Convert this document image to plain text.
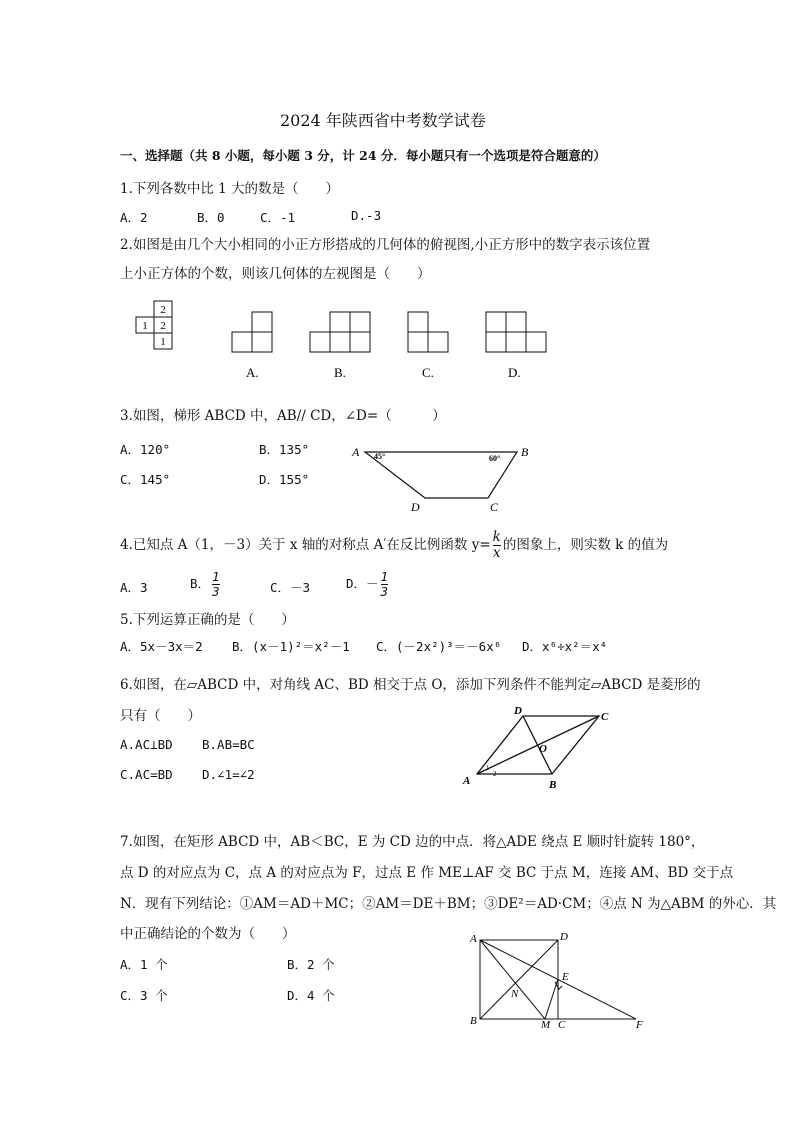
2024 年陕西省中考数学试卷
一、选择题（共 8 小题，每小题 3 分，计 24 分．每小题只有一个选项是符合题意的）
1.下列各数中比 1 大的数是（　　）
A．2	B．0	C．-1	D.-3
2.如图是由几个大小相同的小正方形搭成的几何体的俯视图,小正方形中的数字表示该位置
上小正方体的个数，则该几何体的左视图是（　　）
2
1 2
1
A.	B.	C.	D.
3.如图，梯形 ABCD 中，AB// CD，∠D=（　　　）
A．120°	B．135°
C．145°	D．155°
A	B
C
D
45°	60°
4.已知点 A（1，－3）关于 x 轴的对称点 A′在反比例函数 $y= \frac{k}{x}$ 的图象上，则实数 k 的值为
A．3	B． $\frac{1}{3}$	C．－3	D．－ $\frac{1}{3}$
5.下列运算正确的是（　　）
A．5x－3x＝2 B．(x－1)²＝x²－1 C．(－2x²)³＝－6x⁶ D．x⁶÷x²＝x⁴
6.如图，在▱ABCD 中，对角线 AC、BD 相交于点 O，添加下列条件不能判定▱ABCD 是菱形的
只有（　　）
A.AC⊥BD B.AB=BC
C.AC=BD D.∠1=∠2	A	B
C
D
O
1
2
7.如图，在矩形 ABCD 中，AB＜BC，E 为 CD 边的中点．将△ADE 绕点 E 顺时针旋转 180°，
点 D 的对应点为 C，点 A 的对应点为 F，过点 E 作 ME⊥AF 交 BC 于点 M，连接 AM、BD 交于点
N．现有下列结论：①AM＝AD＋MC；②AM＝DE＋BM；③DE²＝AD·CM；④点 N 为△ABM 的外心．其
中正确结论的个数为（　　）
A．1 个	B．2 个
C．3 个	D．4 个
A
B	C
D
E
F
M
N
